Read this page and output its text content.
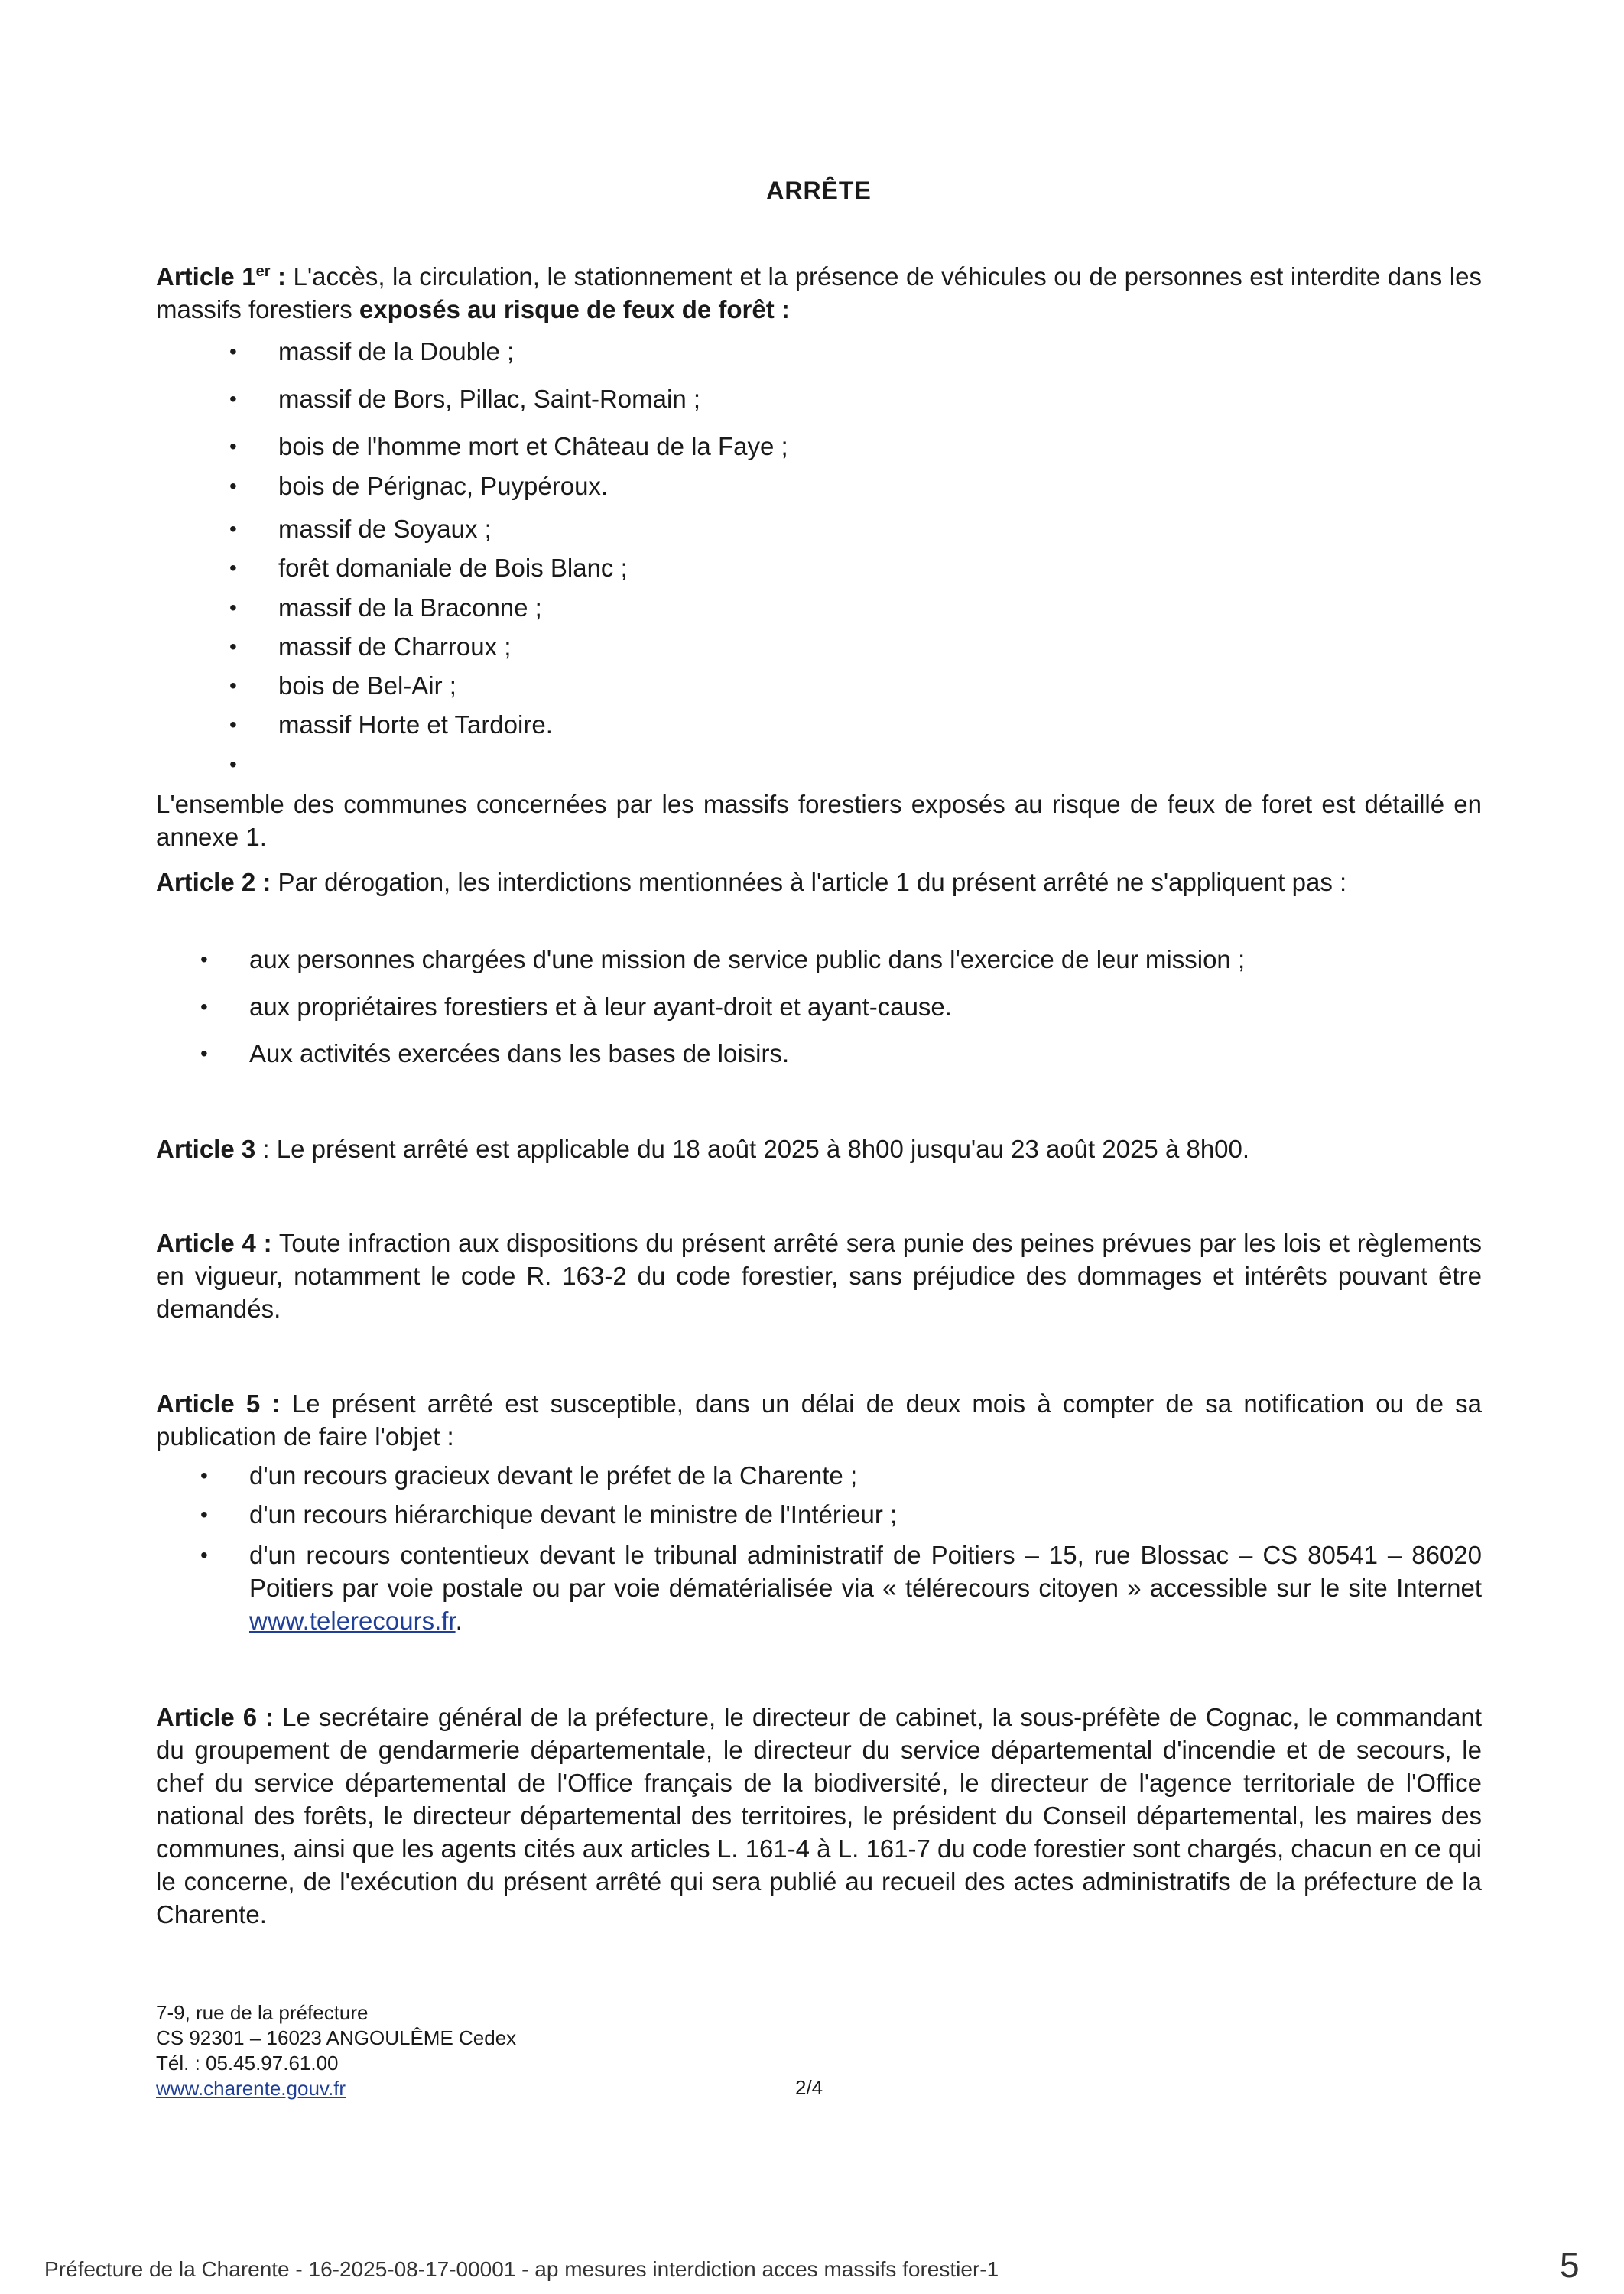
ARRÊTE

Article 1er : L'accès, la circulation, le stationnement et la présence de véhicules ou de personnes est interdite dans les massifs forestiers exposés au risque de feux de forêt :

• massif de la Double ;
• massif de Bors, Pillac, Saint-Romain ;
• bois de l'homme mort et Château de la Faye ;
• bois de Pérignac, Puypéroux.
• massif de Soyaux ;
• forêt domaniale de Bois Blanc ;
• massif de la Braconne ;
• massif de Charroux ;
• bois de Bel-Air ;
• massif Horte et Tardoire.
•

L'ensemble des communes concernées par les massifs forestiers exposés au risque de feux de foret est détaillé en annexe 1.

Article 2 : Par dérogation, les interdictions mentionnées à l'article 1 du présent arrêté ne s'appliquent pas :

• aux personnes chargées d'une mission de service public dans l'exercice de leur mission ;
• aux propriétaires forestiers et à leur ayant-droit et ayant-cause.
• Aux activités exercées dans les bases de loisirs.

Article 3 : Le présent arrêté est applicable du 18 août 2025 à 8h00 jusqu'au 23 août 2025 à 8h00.

Article 4 : Toute infraction aux dispositions du présent arrêté sera punie des peines prévues par les lois et règlements en vigueur, notamment le code R. 163-2 du code forestier, sans préjudice des dommages et intérêts pouvant être demandés.

Article 5 : Le présent arrêté est susceptible, dans un délai de deux mois à compter de sa notification ou de sa publication de faire l'objet :

• d'un recours gracieux devant le préfet de la Charente ;
• d'un recours hiérarchique devant le ministre de l'Intérieur ;
• d'un recours contentieux devant le tribunal administratif de Poitiers – 15, rue Blossac – CS 80541 – 86020 Poitiers par voie postale ou par voie dématérialisée via « télérecours citoyen » accessible sur le site Internet www.telerecours.fr.

Article 6 : Le secrétaire général de la préfecture, le directeur de cabinet, la sous-préfète de Cognac, le commandant du groupement de gendarmerie départementale, le directeur du service départemental d'incendie et de secours, le chef du service départemental de l'Office français de la biodiversité, le directeur de l'agence territoriale de l'Office national des forêts, le directeur départemental des territoires, le président du Conseil départemental, les maires des communes, ainsi que les agents cités aux articles L. 161-4 à L. 161-7 du code forestier sont chargés, chacun en ce qui le concerne, de l'exécution du présent arrêté qui sera publié au recueil des actes administratifs de la préfecture de la Charente.

7-9, rue de la préfecture
CS 92301 – 16023 ANGOULÊME Cedex
Tél. : 05.45.97.61.00
www.charente.gouv.fr	2/4
Préfecture de la Charente - 16-2025-08-17-00001 - ap mesures interdiction acces massifs forestier-1	5
